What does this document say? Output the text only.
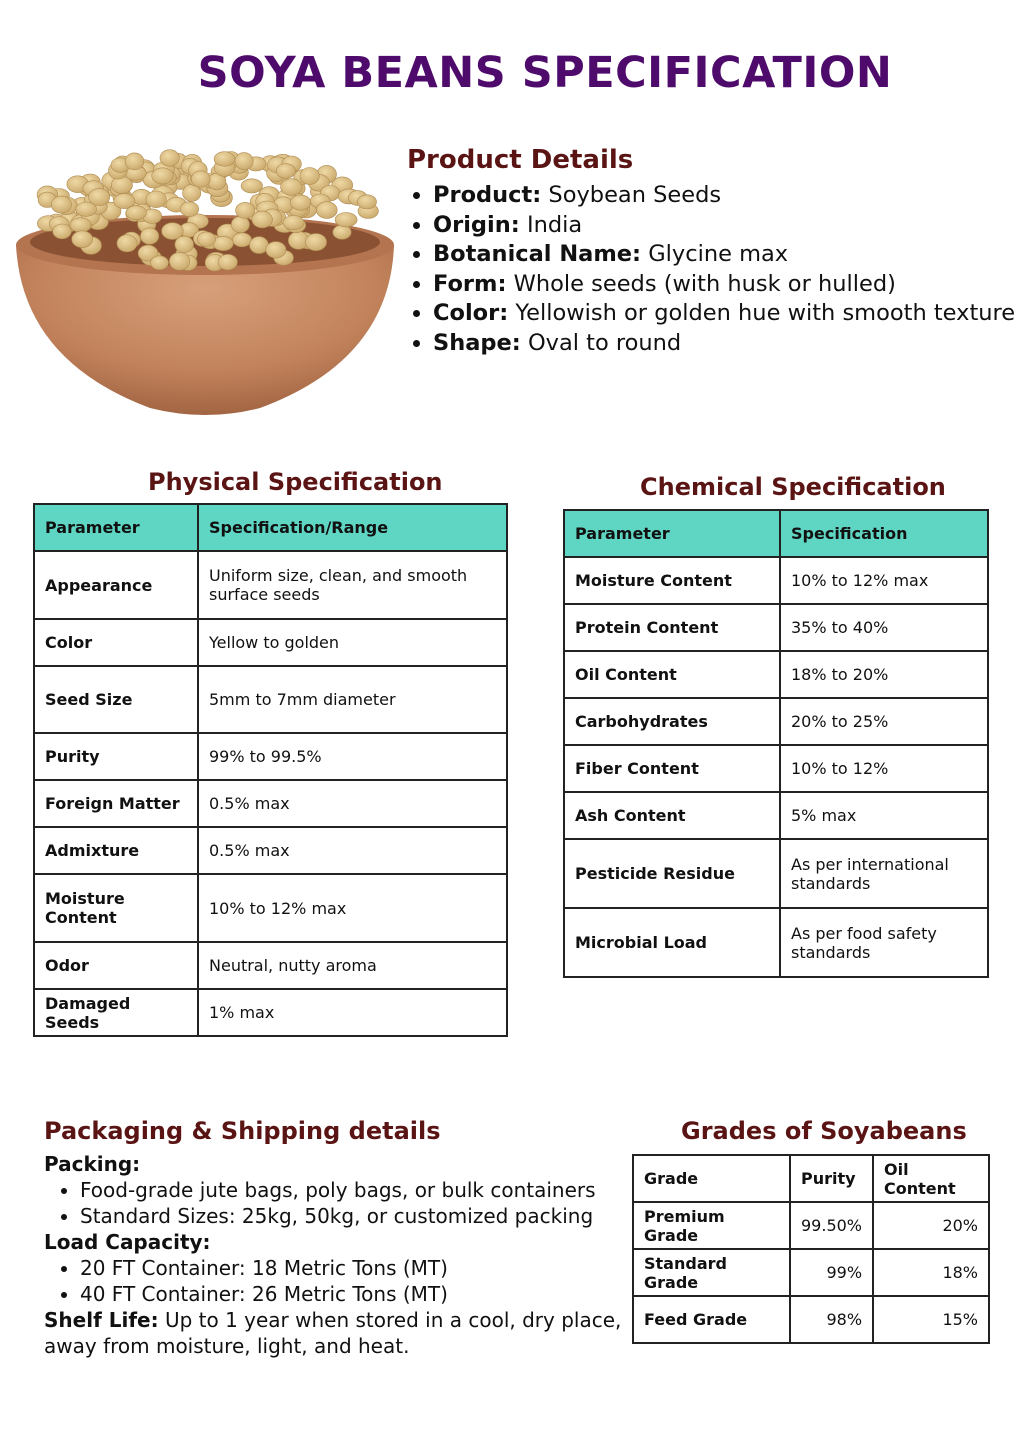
SOYA BEANS SPECIFICATION
Product Details
• Product: Soybean Seeds
• Origin: India
• Botanical Name: Glycine max
• Form: Whole seeds (with husk or hulled)
• Color: Yellowish or golden hue with smooth texture
• Shape: Oval to round
Physical Specification
Parameter	Specification/Range
Appearance	Uniform size, clean, and smooth surface seeds
Color	Yellow to golden
Seed Size	5mm to 7mm diameter
Purity	99% to 99.5%
Foreign Matter	0.5% max
Admixture	0.5% max
Moisture Content	10% to 12% max
Odor	Neutral, nutty aroma
Damaged Seeds	1% max
Chemical Specification
Parameter	Specification
Moisture Content	10% to 12% max
Protein Content	35% to 40%
Oil Content	18% to 20%
Carbohydrates	20% to 25%
Fiber Content	10% to 12%
Ash Content	5% max
Pesticide Residue	As per international standards
Microbial Load	As per food safety standards
Packaging & Shipping details
Packing:
• Food-grade jute bags, poly bags, or bulk containers
• Standard Sizes: 25kg, 50kg, or customized packing
Load Capacity:
• 20 FT Container: 18 Metric Tons (MT)
• 40 FT Container: 26 Metric Tons (MT)

Shelf Life: Up to 1 year when stored in a cool, dry place, away from moisture, light, and heat.

Grades of Soyabeans
Grade	Purity	Oil Content
Premium Grade	99.50%	20%
Standard Grade	99%	18%
Feed Grade	98%	15%
